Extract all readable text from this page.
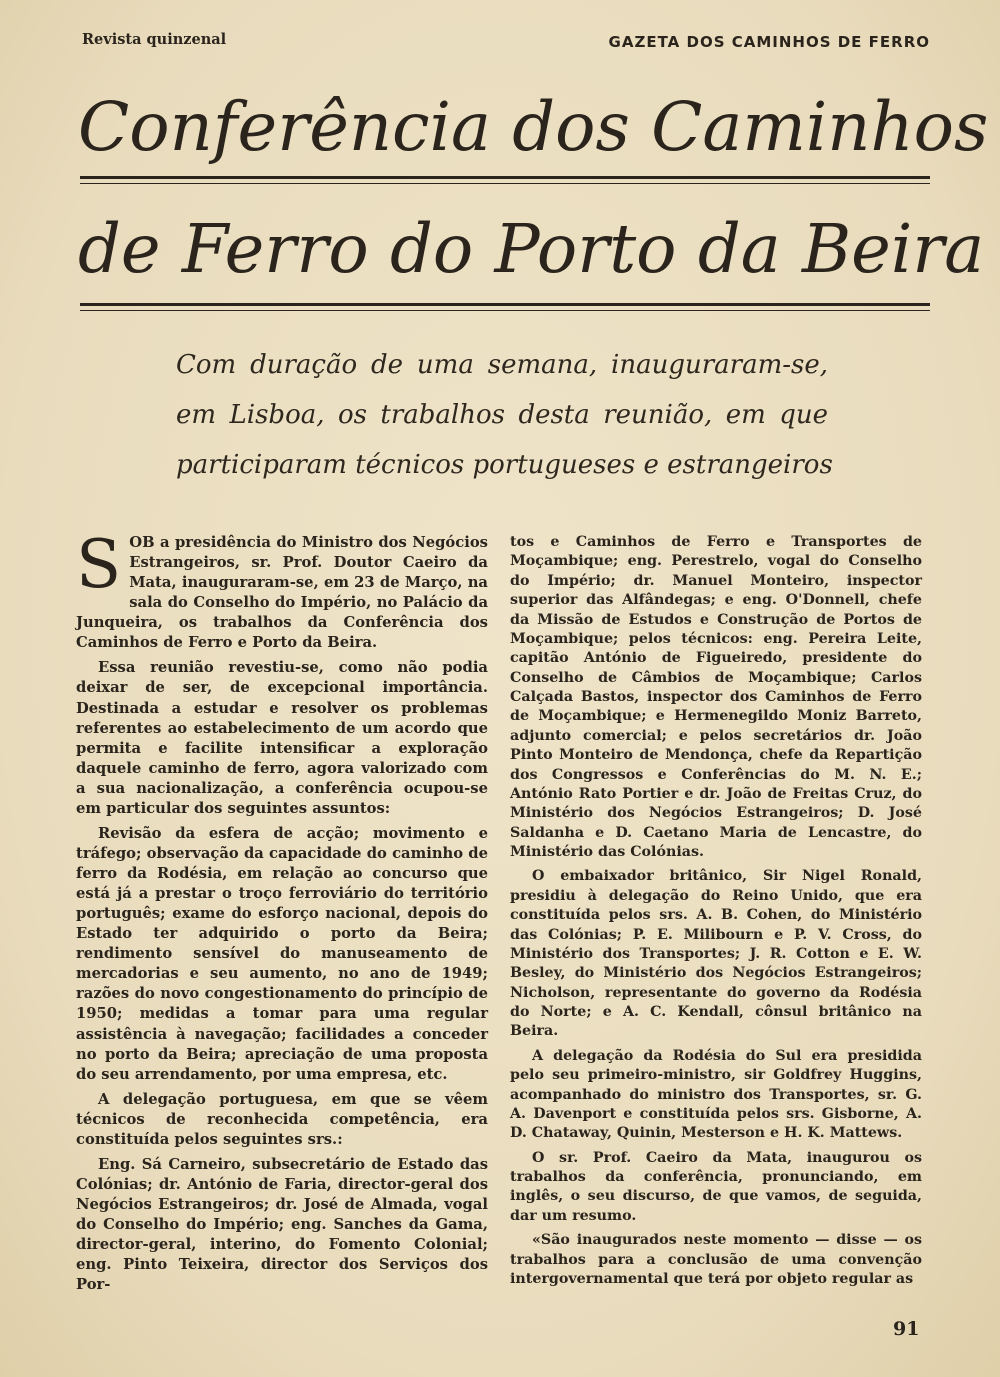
Revista quinzenal	GAZETA DOS CAMINHOS DE FERRO
Conferência dos Caminhos
de Ferro do Porto da Beira
Com duração de uma semana, inauguraram-se,
em Lisboa, os trabalhos desta reunião, em que
participaram técnicos portugueses e estrangeiros

SOB a presidência do Ministro dos Negócios Estrangeiros, sr. Prof. Doutor Caeiro da Mata, inauguraram-se, em 23 de Março, na sala do Conselho do Império, no Palácio da Junqueira, os trabalhos da Conferência dos Caminhos de Ferro e Porto da Beira.

Essa reunião revestiu-se, como não podia deixar de ser, de excepcional importância. Destinada a estudar e resolver os problemas referentes ao estabelecimento de um acordo que permita e facilite intensificar a exploração daquele caminho de ferro, agora valorizado com a sua nacionalização, a conferência ocupou-se em particular dos seguintes assuntos:

Revisão da esfera de acção; movimento e tráfego; observação da capacidade do caminho de ferro da Rodésia, em relação ao concurso que está já a prestar o troço ferroviário do território português; exame do esforço nacional, depois do Estado ter adquirido o porto da Beira; rendimento sensível do manuseamento de mercadorias e seu aumento, no ano de 1949; razões do novo congestionamento do princípio de 1950; medidas a tomar para uma regular assistência à navegação; facilidades a conceder no porto da Beira; apreciação de uma proposta do seu arrendamento, por uma empresa, etc.

A delegação portuguesa, em que se vêem técnicos de reconhecida competência, era constituída pelos seguintes srs.:

Eng. Sá Carneiro, subsecretário de Estado das Colónias; dr. António de Faria, director-geral dos Negócios Estrangeiros; dr. José de Almada, vogal do Conselho do Império; eng. Sanches da Gama, director-geral, interino, do Fomento Colonial; eng. Pinto Teixeira, director dos Serviços dos Por-

tos e Caminhos de Ferro e Transportes de Moçambique; eng. Perestrelo, vogal do Conselho do Império; dr. Manuel Monteiro, inspector superior das Alfândegas; e eng. O'Donnell, chefe da Missão de Estudos e Construção de Portos de Moçambique; pelos técnicos: eng. Pereira Leite, capitão António de Figueiredo, presidente do Conselho de Câmbios de Moçambique; Carlos Calçada Bastos, inspector dos Caminhos de Ferro de Moçambique; e Hermenegildo Moniz Barreto, adjunto comercial; e pelos secretários dr. João Pinto Monteiro de Mendonça, chefe da Repartição dos Congressos e Conferências do M. N. E.; António Rato Portier e dr. João de Freitas Cruz, do Ministério dos Negócios Estrangeiros; D. José Saldanha e D. Caetano Maria de Lencastre, do Ministério das Colónias.

O embaixador britânico, Sir Nigel Ronald, presidiu à delegação do Reino Unido, que era constituída pelos srs. A. B. Cohen, do Ministério das Colónias; P. E. Milibourn e P. V. Cross, do Ministério dos Transportes; J. R. Cotton e E. W. Besley, do Ministério dos Negócios Estrangeiros; Nicholson, representante do governo da Rodésia do Norte; e A. C. Kendall, cônsul britânico na Beira.

A delegação da Rodésia do Sul era presidida pelo seu primeiro-ministro, sir Goldfrey Huggins, acompanhado do ministro dos Transportes, sr. G. A. Davenport e constituída pelos srs. Gisborne, A. D. Chataway, Quinin, Mesterson e H. K. Mattews.

O sr. Prof. Caeiro da Mata, inaugurou os trabalhos da conferência, pronunciando, em inglês, o seu discurso, de que vamos, de seguida, dar um resumo.

«São inaugurados neste momento — disse — os trabalhos para a conclusão de uma convenção intergovernamental que terá por objeto regular as

91
